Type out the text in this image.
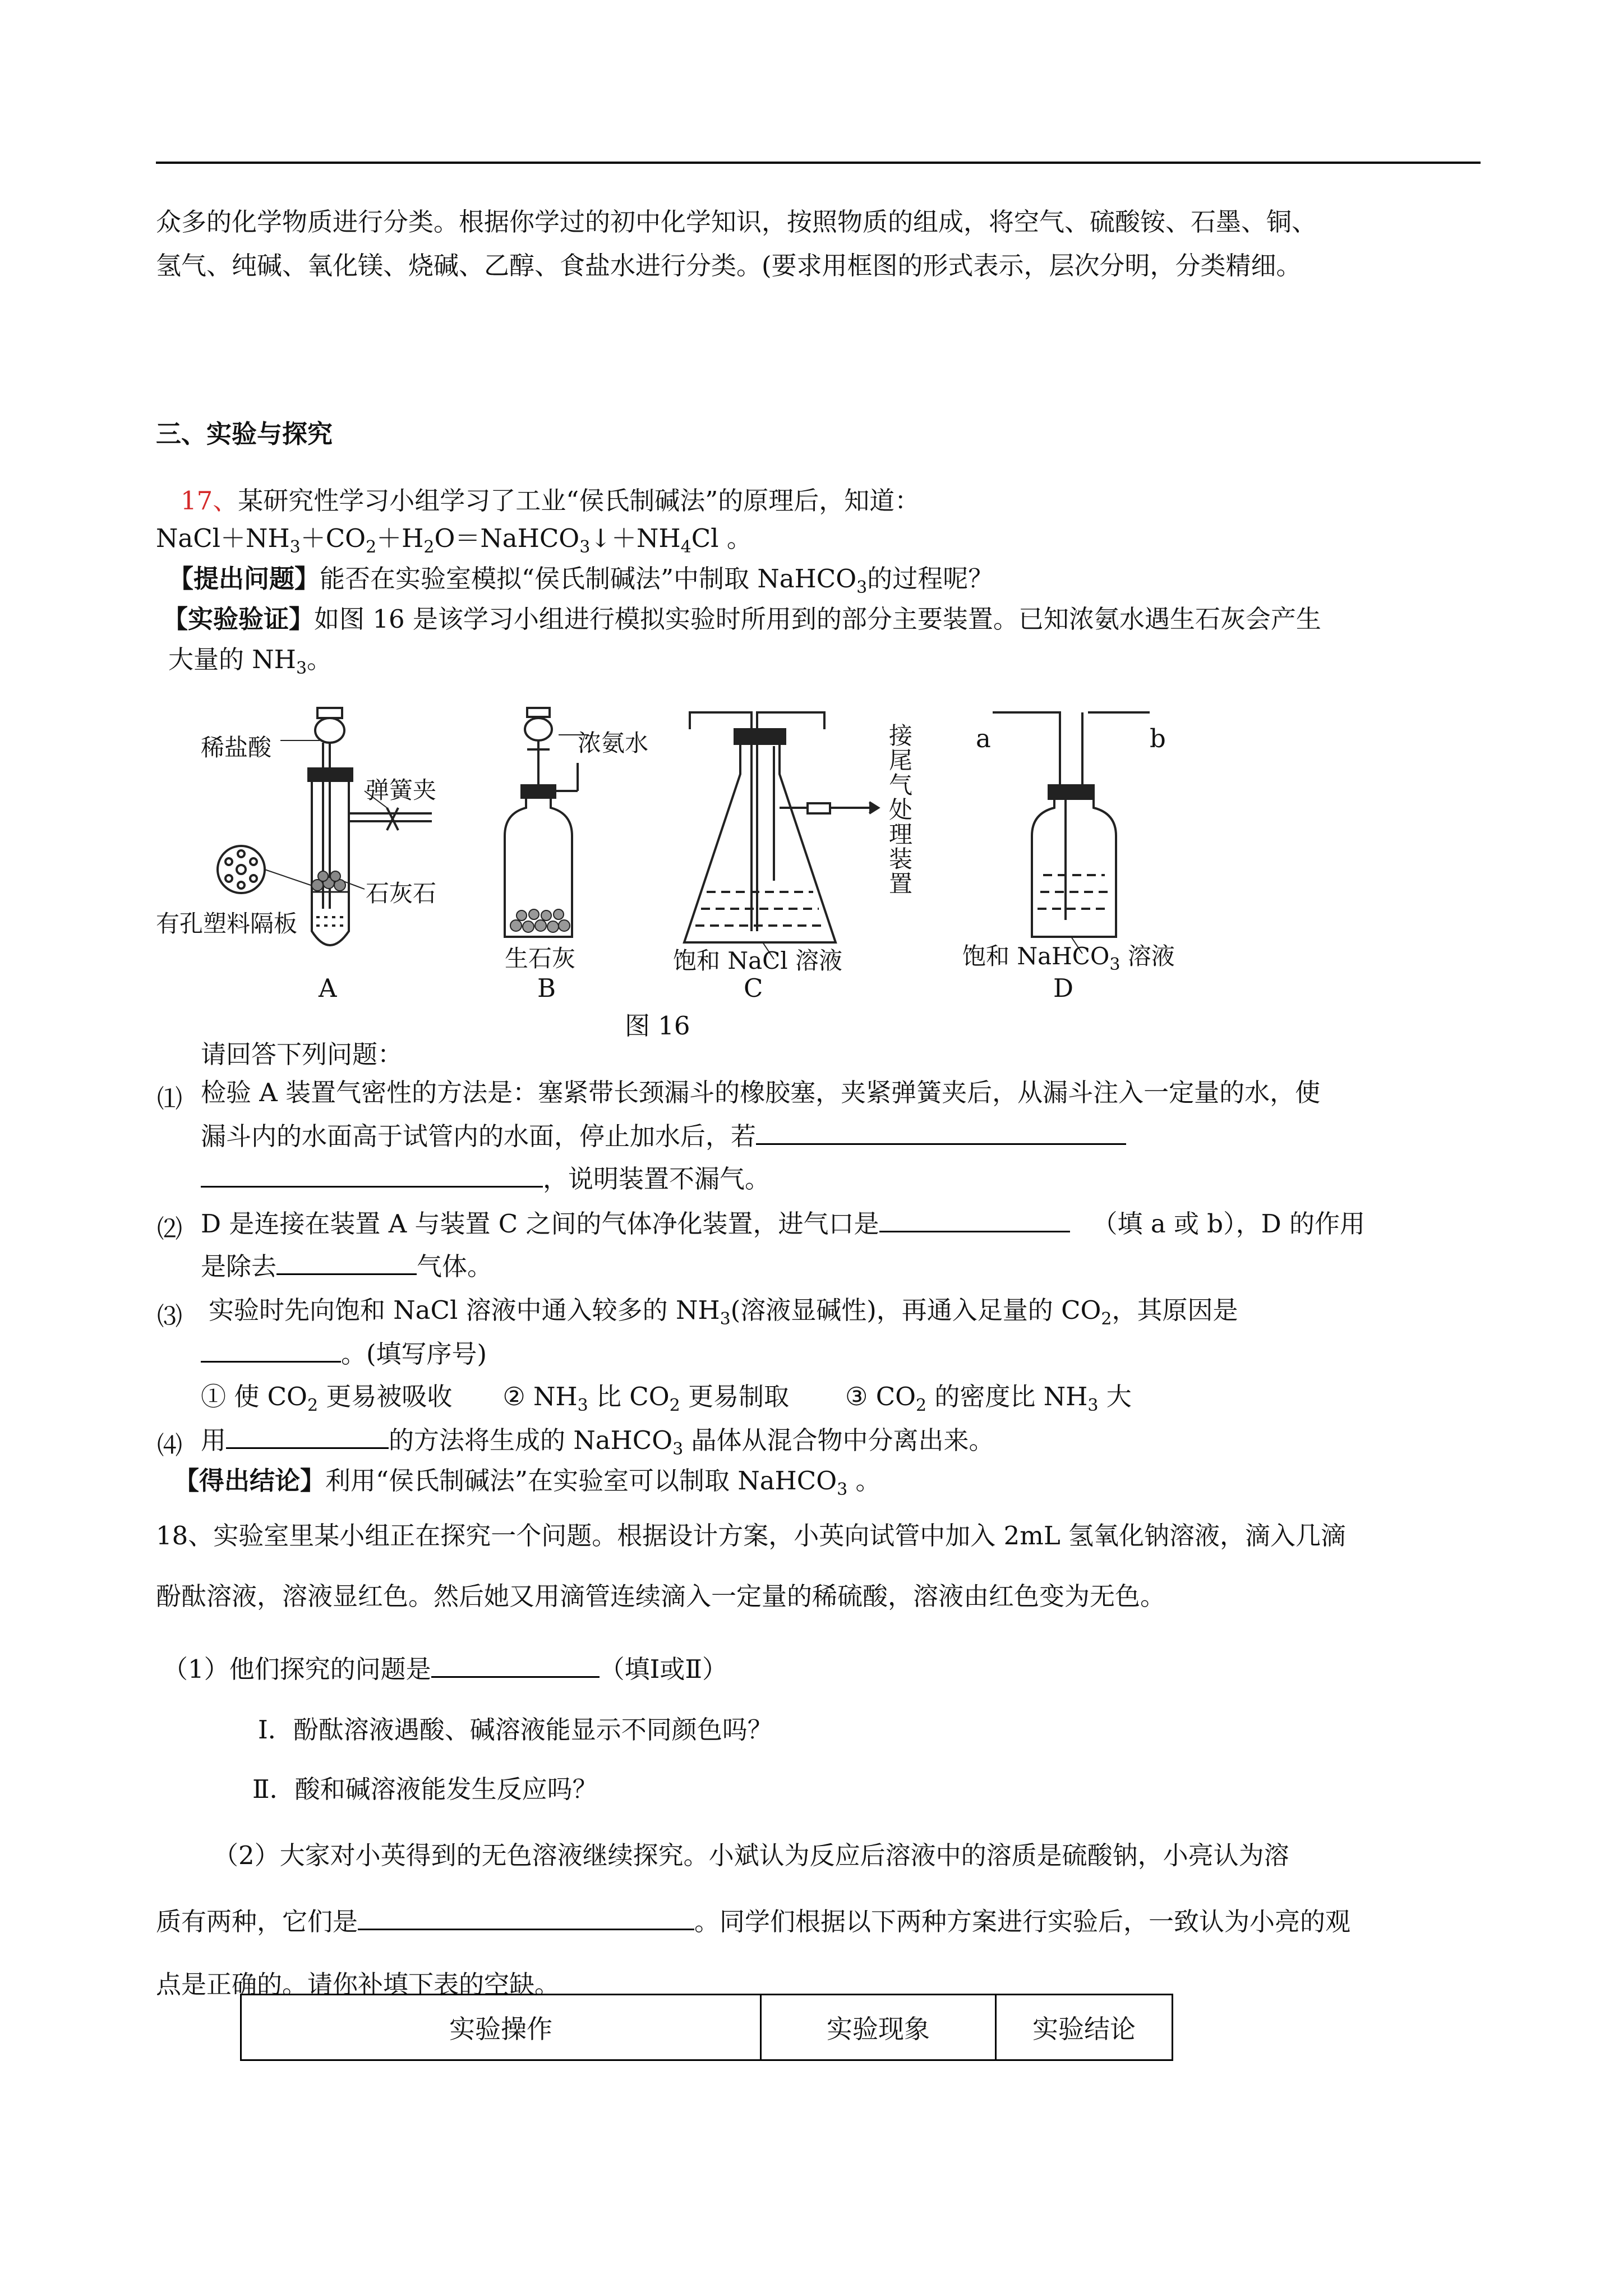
众多的化学物质进行分类。根据你学过的初中化学知识，按照物质的组成，将空气、硫酸铵、石墨、铜、
氢气、纯碱、氧化镁、烧碱、乙醇、食盐水进行分类。(要求用框图的形式表示，层次分明，分类精细。
三、实验与探究
17、某研究性学习小组学习了工业“侯氏制碱法”的原理后，知道：
$NaCl+NH_3+CO_2+H_2O=NaHCO_3↓+NH_4Cl$ 。
【提出问题】能否在实验室模拟“侯氏制碱法”中制取 NaHCO$_3$的过程呢？
【实验验证】如图 16 是该学习小组进行模拟实验时所用到的部分主要装置。已知浓氨水遇生石灰会产生
大量的 $NH_3$。
稀盐酸
弹簧夹
石灰石
有孔塑料隔板
A
浓氨水
生石灰
B
接尾气处理装置
饱和 NaCl 溶液
C
a	b
饱和 NaHCO$_3$ 溶液
D
图 16
请回答下列问题：
⑴ 检验 A 装置气密性的方法是：塞紧带长颈漏斗的橡胶塞，夹紧弹簧夹后，从漏斗注入一定量的水，使
漏斗内的水面高于试管内的水面，停止加水后，若
，说明装置不漏气。
⑵ D 是连接在装置 A 与装置 C 之间的气体净化装置，进气口是	（填 a 或 b），D 的作用
是除去	气体。
⑶ 实验时先向饱和 NaCl 溶液中通入较多的 $NH_3$(溶液显碱性)，再通入足量的 $CO_2$，其原因是
。(填写序号)
① 使 $CO_2$ 更易被吸收 ② $NH_3$ 比 $CO_2$ 更易制取 ③ $CO_2$ 的密度比 $NH_3$ 大
⑷ 用	的方法将生成的 NaHCO$_3$ 晶体从混合物中分离出来。
【得出结论】利用“侯氏制碱法”在实验室可以制取 NaHCO$_3$ 。
18、实验室里某小组正在探究一个问题。根据设计方案，小英向试管中加入 2mL 氢氧化钠溶液，滴入几滴
酚酞溶液，溶液显红色。然后她又用滴管连续滴入一定量的稀硫酸，溶液由红色变为无色。
（1）他们探究的问题是	（填Ⅰ或Ⅱ）
Ⅰ．酚酞溶液遇酸、碱溶液能显示不同颜色吗？
Ⅱ．酸和碱溶液能发生反应吗？
（2）大家对小英得到的无色溶液继续探究。小斌认为反应后溶液中的溶质是硫酸钠，小亮认为溶
质有两种，它们是	。同学们根据以下两种方案进行实验后，一致认为小亮的观
点是正确的。请你补填下表的空缺。
实验操作	实验现象	实验结论
